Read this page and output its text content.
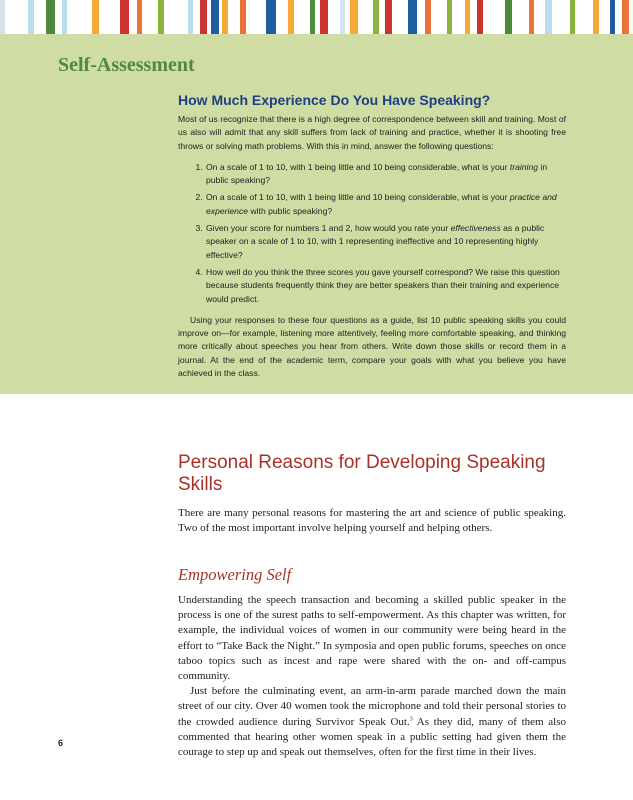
Self-Assessment
How Much Experience Do You Have Speaking?

Most of us recognize that there is a high degree of correspondence between skill and training. Most of us also will admit that any skill suffers from lack of training and practice, whether it is shooting free throws or solving math problems. With this in mind, answer the following questions:

1. On a scale of 1 to 10, with 1 being little and 10 being considerable, what is your training in public speaking?
2. On a scale of 1 to 10, with 1 being little and 10 being considerable, what is your practice and experience with public speaking?
3. Given your score for numbers 1 and 2, how would you rate your effectiveness as a public speaker on a scale of 1 to 10, with 1 representing ineffective and 10 representing highly effective?
4. How well do you think the three scores you gave yourself correspond? We raise this question because students frequently think they are better speakers than their training and experience would predict.

Using your responses to these four questions as a guide, list 10 public speaking skills you could improve on—for example, listening more attentively, feeling more comfortable speaking, and thinking more critically about speeches you hear from others. Write down those skills or record them in a journal. At the end of the academic term, compare your goals with what you believe you have achieved in the class.

Personal Reasons for Developing Speaking Skills

There are many personal reasons for mastering the art and science of public speaking. Two of the most important involve helping yourself and helping others.

Empowering Self

Understanding the speech transaction and becoming a skilled public speaker in the process is one of the surest paths to self-empowerment. As this chapter was written, for example, the individual voices of women in our community were being heard in the effort to “Take Back the Night.” In symposia and open public forums, speeches on once taboo topics such as incest and rape were shared with the on- and off-campus community.

Just before the culminating event, an arm-in-arm parade marched down the main street of our city. Over 40 women took the microphone and told their personal stories to the crowded audience during Survivor Speak Out.$^3$ As they did, many of them also commented that hearing other women speak in a public setting had given them the courage to step up and speak out themselves, often for the first time in their lives.

6
